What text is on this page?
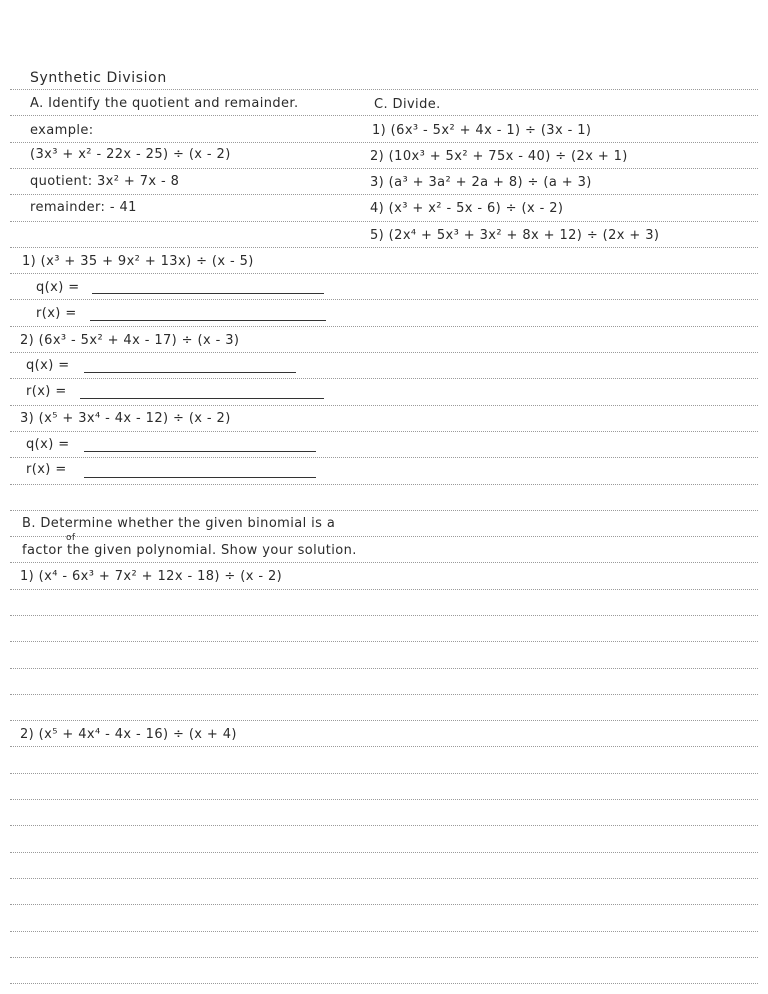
Synthetic Division
A. Identify the quotient and remainder.
example:
(3x³ + x² - 22x - 25) ÷ (x - 2)
quotient: 3x² + 7x - 8
remainder: - 41
1) (x³ + 35 + 9x² + 13x) ÷ (x - 5)
q(x) =
r(x) =
2) (6x³ - 5x² + 4x - 17) ÷ (x - 3)
q(x) =
r(x) =
3) (x⁵ + 3x⁴ - 4x - 12) ÷ (x - 2)
q(x) =
r(x) =
B. Determine whether the given binomial is a
of
factor the given polynomial. Show your solution.
1) (x⁴ - 6x³ + 7x² + 12x - 18) ÷ (x - 2)
2) (x⁵ + 4x⁴ - 4x - 16) ÷ (x + 4)
C. Divide.
1) (6x³ - 5x² + 4x - 1) ÷ (3x - 1)
2) (10x³ + 5x² + 75x - 40) ÷ (2x + 1)
3) (a³ + 3a² + 2a + 8) ÷ (a + 3)
4) (x³ + x² - 5x - 6) ÷ (x - 2)
5) (2x⁴ + 5x³ + 3x² + 8x + 12) ÷ (2x + 3)
